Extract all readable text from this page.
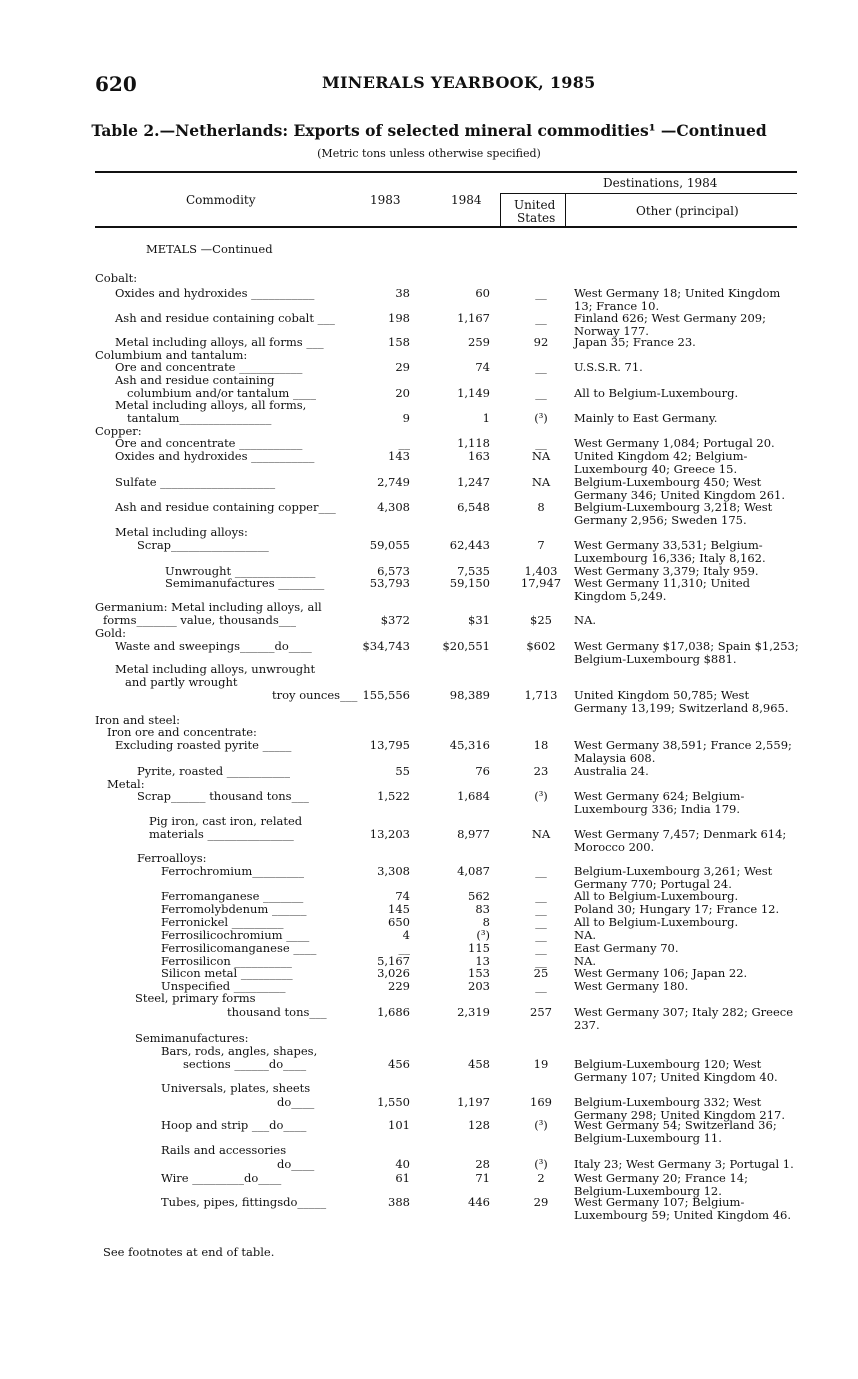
620	MINERALS YEARBOOK, 1985
Table 2.—Netherlands: Exports of selected mineral commodities¹ —Continued
(Metric tons unless otherwise specified)
Commodity	1983	1984
Destinations, 1984
United
States	Other (principal)
METALS —Continued
Cobalt:
Oxides and hydroxides ___________	38	60	__	West Germany 18; United Kingdom 13; France 10.
Ash and residue containing cobalt ___	198	1,167	__	Finland 626; West Germany 209; Norway 177.
Metal including alloys, all forms ___	158	259	92	Japan 35; France 23.
Columbium and tantalum:
Ore and concentrate ___________	29	74	__	U.S.S.R. 71.
Ash and residue containing
columbium and/or tantalum ____	20	1,149	__	All to Belgium-Luxembourg.
Metal including alloys, all forms,
tantalum________________	9	1	(³)	Mainly to East Germany.
Copper:
Ore and concentrate ___________	__	1,118	__	West Germany 1,084; Portugal 20.
Oxides and hydroxides ___________	143	163	NA	United Kingdom 42; Belgium-Luxembourg 40; Greece 15.
Sulfate ____________________	2,749	1,247	NA	Belgium-Luxembourg 450; West Germany 346; United Kingdom 261.
Ash and residue containing copper___	4,308	6,548	8	Belgium-Luxembourg 3,218; West Germany 2,956; Sweden 175.
Metal including alloys:
Scrap_________________	59,055	62,443	7	West Germany 33,531; Belgium-Luxembourg 16,336; Italy 8,162.
Unwrought ______________	6,573	7,535	1,403	West Germany 3,379; Italy 959.
Semimanufactures ________	53,793	59,150	17,947	West Germany 11,310; United Kingdom 5,249.
Germanium: Metal including alloys, all
forms_______ value, thousands___	$372	$31	$25	NA.
Gold:
Waste and sweepings______do____	$34,743	$20,551	$602	West Germany $17,038; Spain $1,253; Belgium-Luxembourg $881.
Metal including alloys, unwrought
and partly wrought
troy ounces___ 155,556	98,389	1,713	United Kingdom 50,785; West Germany 13,199; Switzerland 8,965.
Iron and steel:
Iron ore and concentrate:
Excluding roasted pyrite _____	13,795	45,316	18	West Germany 38,591; France 2,559; Malaysia 608.
Pyrite, roasted ___________	55	76	23	Australia 24.
Metal:
Scrap______ thousand tons___	1,522	1,684	(³)	West Germany 624; Belgium-Luxembourg 336; India 179.
Pig iron, cast iron, related
materials _______________	13,203	8,977	NA	West Germany 7,457; Denmark 614; Morocco 200.
Ferroalloys:
Ferrochromium_________	3,308	4,087	__	Belgium-Luxembourg 3,261; West Germany 770; Portugal 24.
Ferromanganese _______	74	562	__	All to Belgium-Luxembourg.
Ferromolybdenum ______	145	83	__	Poland 30; Hungary 17; France 12.
Ferronickel _________	650	8	__	All to Belgium-Luxembourg.
Ferrosilicochromium ____	4	(³)	__	NA.
Ferrosilicomanganese ____	__	115	__	East Germany 70.
Ferrosilicon __________	5,167	13	__	NA.
Silicon metal _________	3,026	153	25	West Germany 106; Japan 22.
Unspecified _________	229	203	__	West Germany 180.
Steel, primary forms
thousand tons___	1,686	2,319	257	West Germany 307; Italy 282; Greece 237.
Semimanufactures:
Bars, rods, angles, shapes,
sections ______do____	456	458	19	Belgium-Luxembourg 120; West Germany 107; United Kingdom 40.
Universals, plates, sheets
do____	1,550	1,197	169	Belgium-Luxembourg 332; West Germany 298; United Kingdom 217.
Hoop and strip ___do____	101	128	(³)	West Germany 54; Switzerland 36; Belgium-Luxembourg 11.
Rails and accessories
do____	40	28	(³)	Italy 23; West Germany 3; Portugal 1.
Wire _________do____	61	71	2	West Germany 20; France 14; Belgium-Luxembourg 12.
Tubes, pipes, fittingsdo_____	388	446	29	West Germany 107; Belgium-Luxembourg 59; United Kingdom 46.
See footnotes at end of table.
